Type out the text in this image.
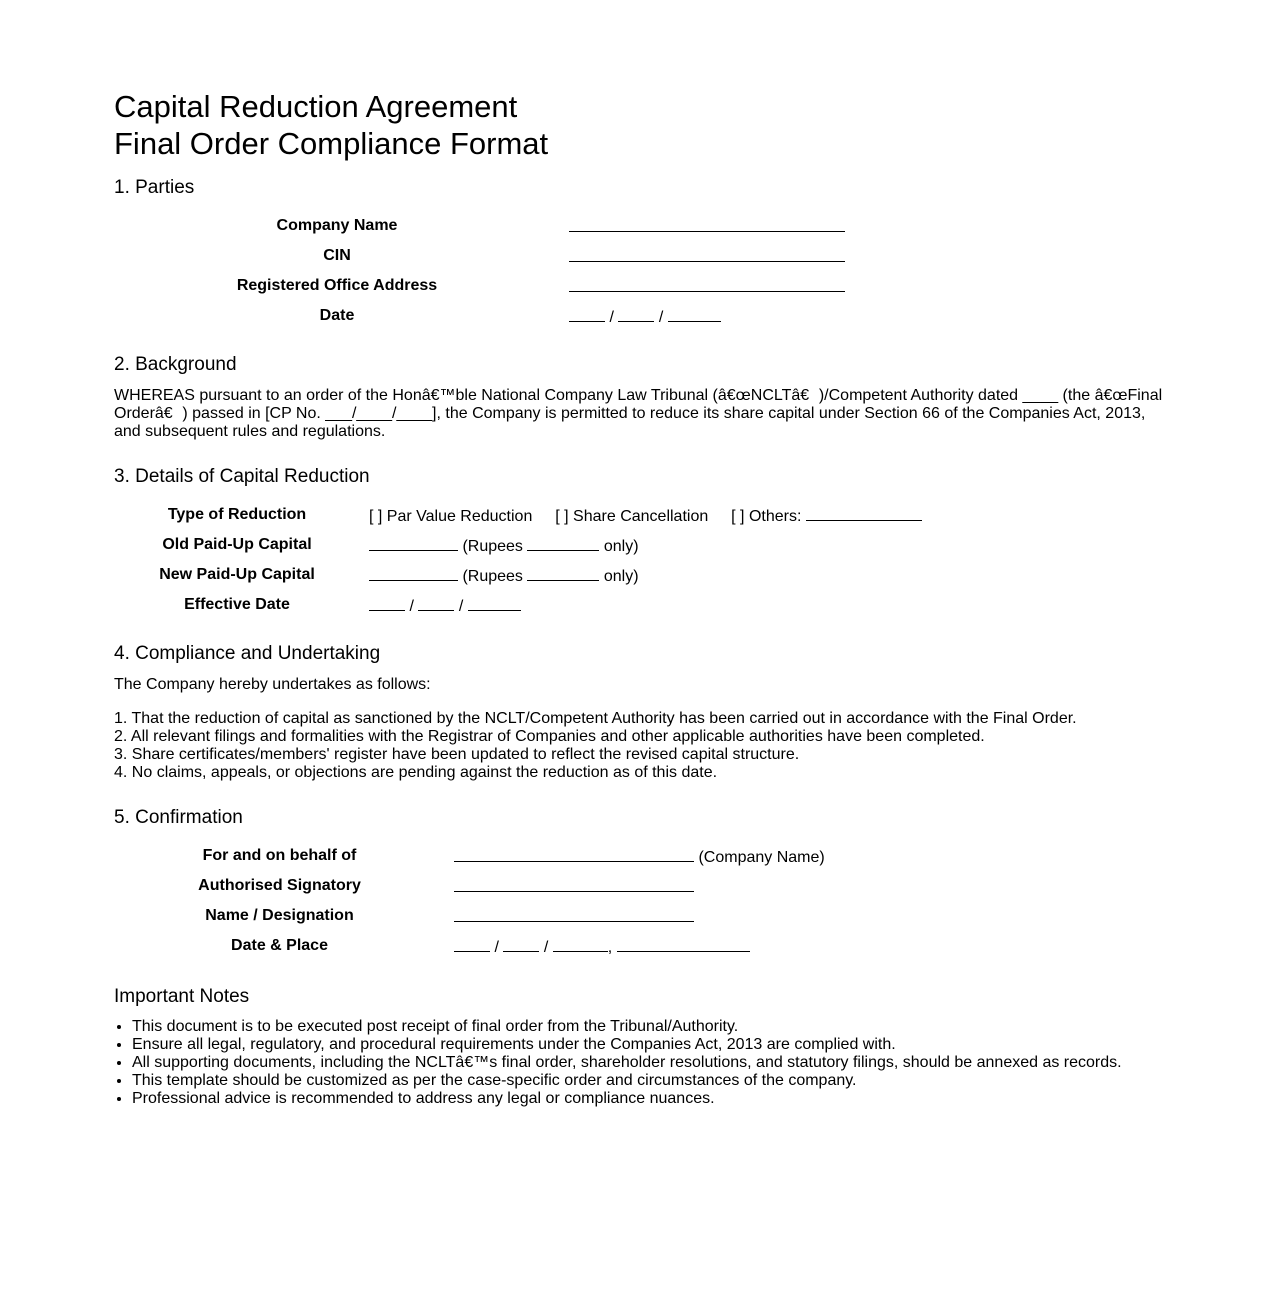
Capital Reduction Agreement
Final Order Compliance Format
1. Parties
Company Name	
CIN	
Registered Office Address	
Date	/ /
2. Background

WHEREAS pursuant to an order of the Honâ€™ble National Company Law Tribunal (â€œNCLTâ€)/Competent Authority dated ____ (the â€œFinal Orderâ€) passed in [CP No. ___/____/____], the Company is permitted to reduce its share capital under Section 66 of the Companies Act, 2013, and subsequent rules and regulations.

3. Details of Capital Reduction
Type of Reduction	[ ] Par Value Reduction [ ] Share Cancellation [ ] Others:
Old Paid-Up Capital	(Rupees only)
New Paid-Up Capital	(Rupees only)
Effective Date	/ /
4. Compliance and Undertaking

The Company hereby undertakes as follows:

1. That the reduction of capital as sanctioned by the NCLT/Competent Authority has been carried out in accordance with the Final Order.
2. All relevant filings and formalities with the Registrar of Companies and other applicable authorities have been completed.
3. Share certificates/members' register have been updated to reflect the revised capital structure.
4. No claims, appeals, or objections are pending against the reduction as of this date.
5. Confirmation
For and on behalf of	(Company Name)
Authorised Signatory	
Name / Designation	
Date & Place	/ / ,
Important Notes
• This document is to be executed post receipt of final order from the Tribunal/Authority.
• Ensure all legal, regulatory, and procedural requirements under the Companies Act, 2013 are complied with.
• All supporting documents, including the NCLTâ€™s final order, shareholder resolutions, and statutory filings, should be annexed as records.
• This template should be customized as per the case-specific order and circumstances of the company.
• Professional advice is recommended to address any legal or compliance nuances.
